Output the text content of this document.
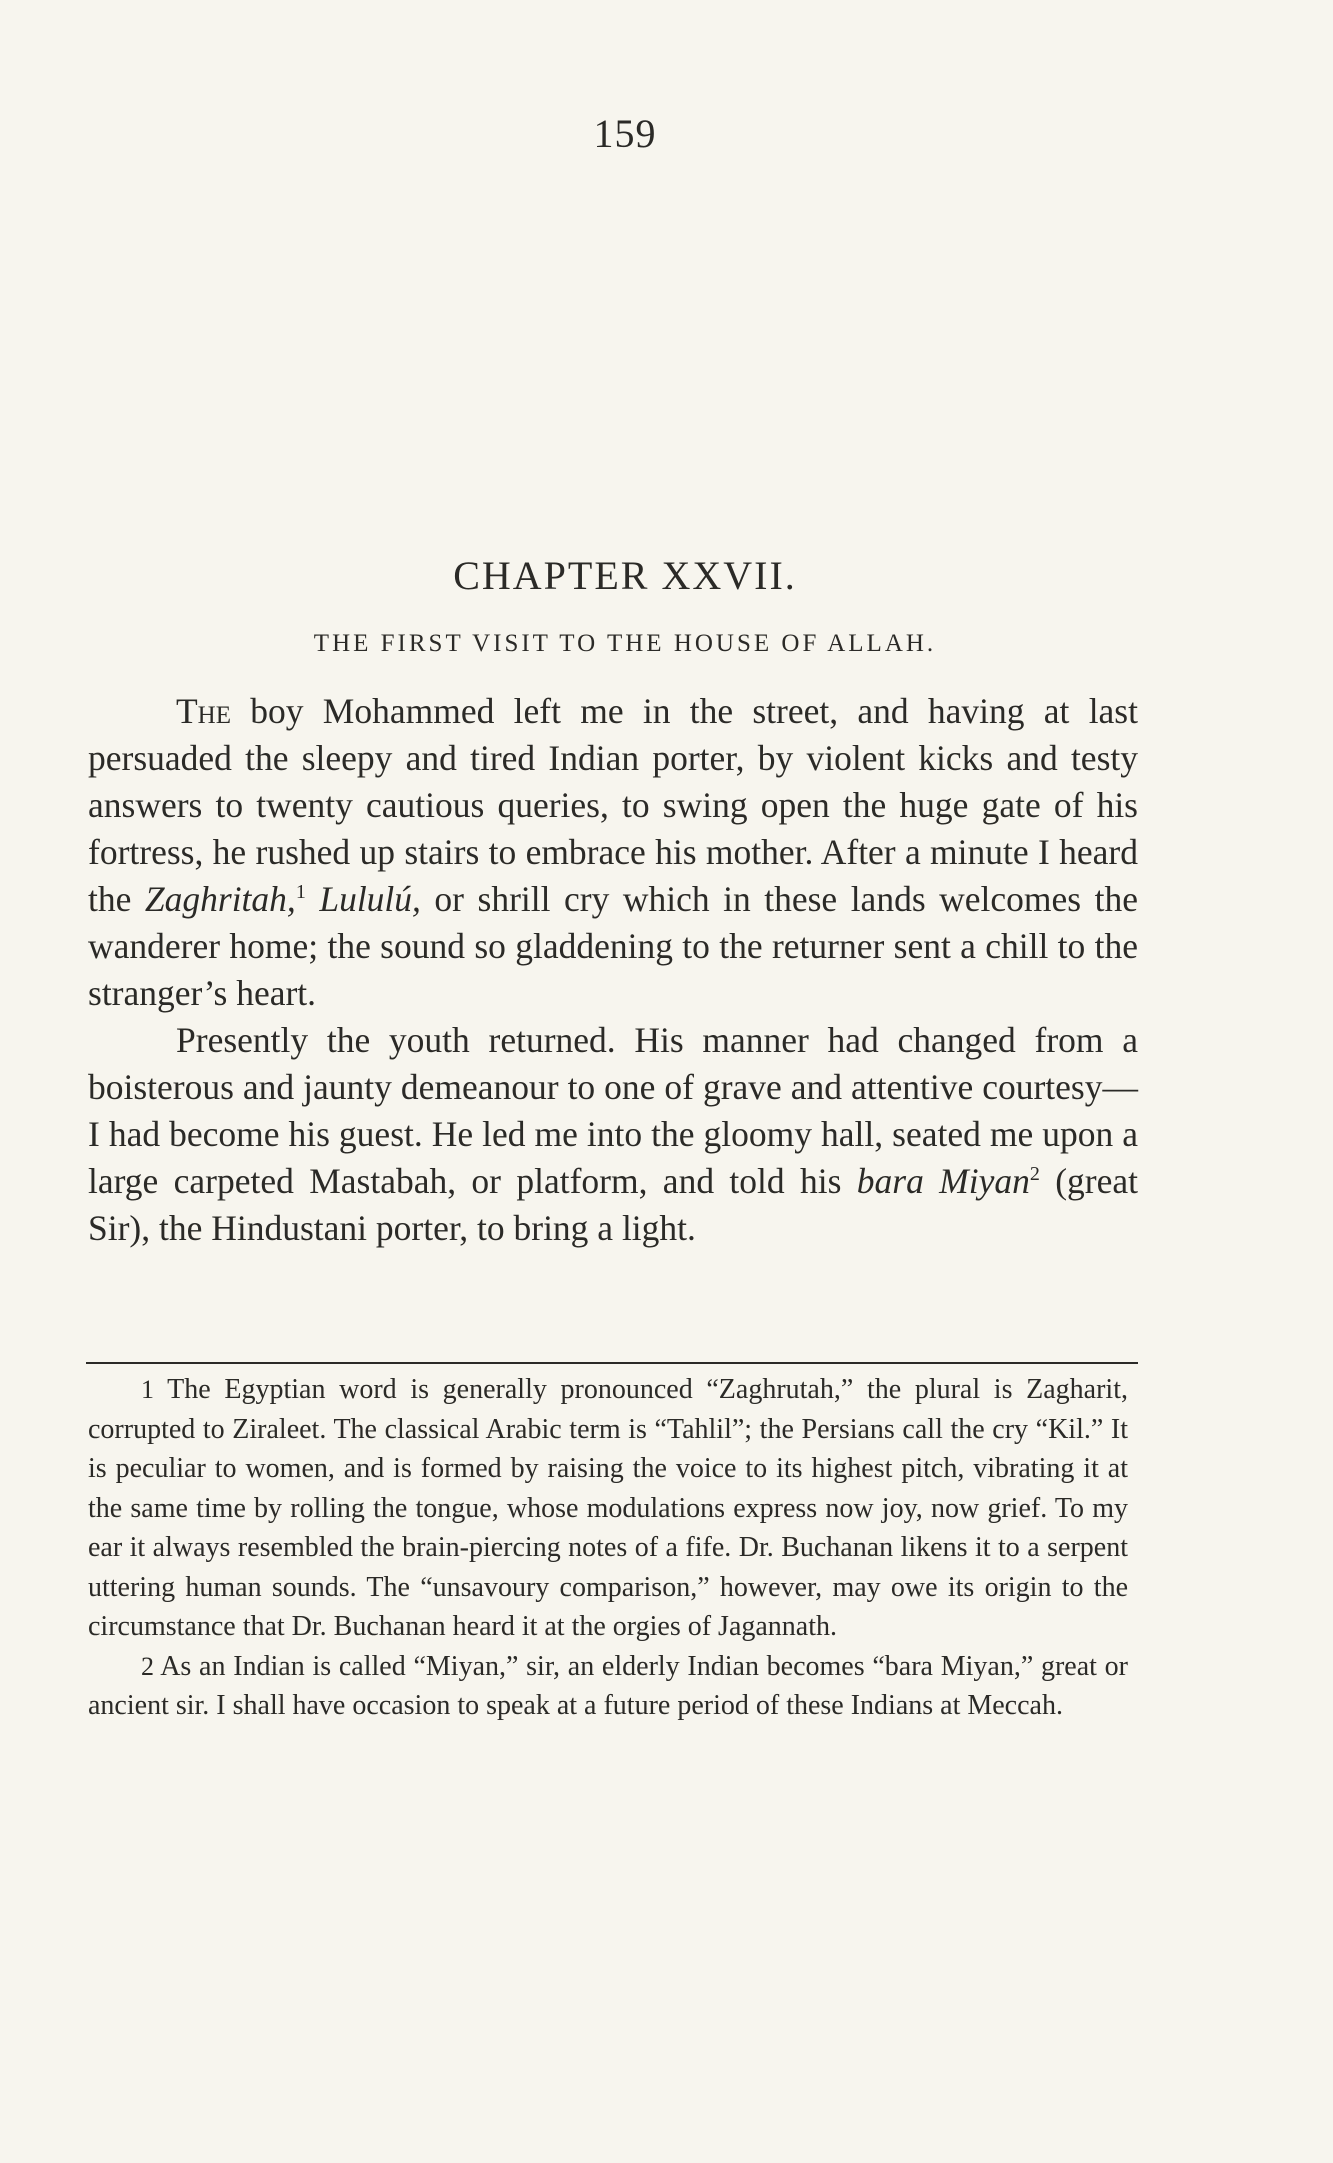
159
CHAPTER XXVII.
THE FIRST VISIT TO THE HOUSE OF ALLAH.

The boy Mohammed left me in the street, and having at last persuaded the sleepy and tired Indian porter, by violent kicks and testy answers to twenty cautious queries, to swing open the huge gate of his fortress, he rushed up stairs to embrace his mother. After a minute I heard the Zaghritah,$^1$ Lululú, or shrill cry which in these lands welcomes the wanderer home; the sound so gladdening to the returner sent a chill to the stranger’s heart.

Presently the youth returned. His manner had changed from a boisterous and jaunty demeanour to one of grave and attentive courtesy—I had become his guest. He led me into the gloomy hall, seated me upon a large carpeted Mastabah, or platform, and told his bara Miyan$^2$ (great Sir), the Hindustani porter, to bring a light.

1 The Egyptian word is generally pronounced “Zaghrutah,” the plural is Zagharit, corrupted to Ziraleet. The classical Arabic term is “Tahlil”; the Persians call the cry “Kil.” It is peculiar to women, and is formed by raising the voice to its highest pitch, vibrating it at the same time by rolling the tongue, whose modulations express now joy, now grief. To my ear it always resembled the brain-piercing notes of a fife. Dr. Buchanan likens it to a serpent uttering human sounds. The “unsavoury comparison,” however, may owe its origin to the circumstance that Dr. Buchanan heard it at the orgies of Jagannath.

2 As an Indian is called “Miyan,” sir, an elderly Indian becomes “bara Miyan,” great or ancient sir. I shall have occasion to speak at a future period of these Indians at Meccah.
